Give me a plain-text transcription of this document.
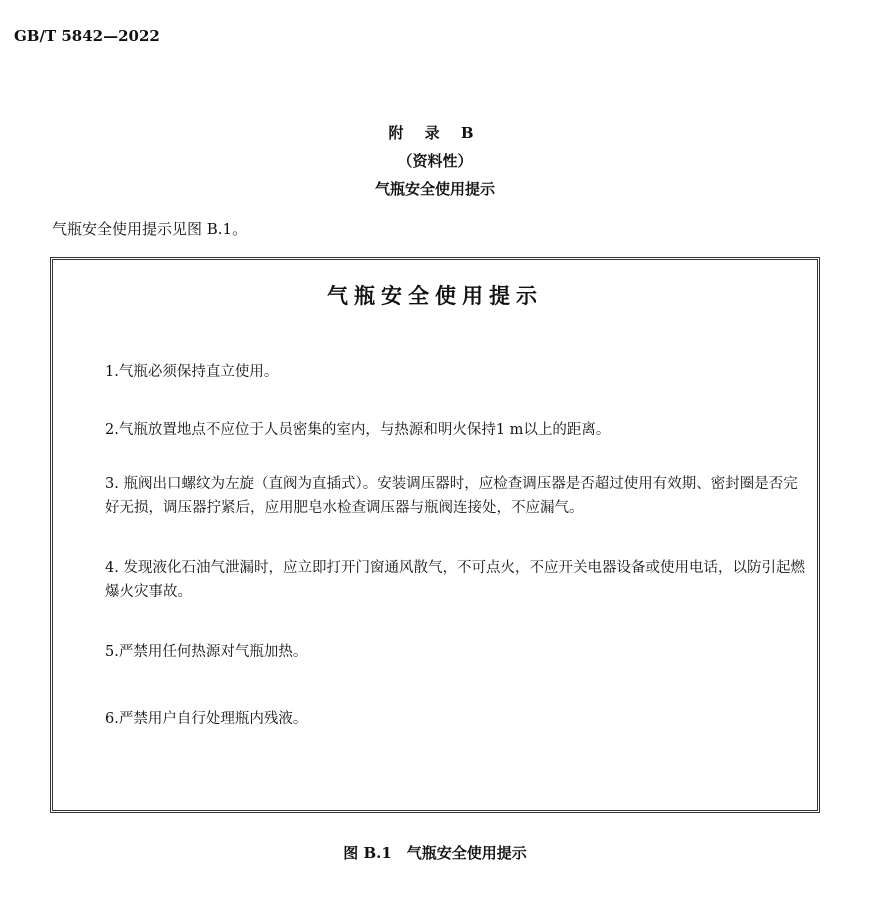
GB/T 5842—2022
附 录 B
（资料性）
气瓶安全使用提示
气瓶安全使用提示见图 B.1。
气瓶安全使用提示
1.气瓶必须保持直立使用。
2.气瓶放置地点不应位于人员密集的室内，与热源和明火保持1 m以上的距离。
3. 瓶阀出口螺纹为左旋（直阀为直插式）。安装调压器时，应检查调压器是否超过使用有效期、密封圈是否完好无损，调压器拧紧后，应用肥皂水检查调压器与瓶阀连接处，不应漏气。
4. 发现液化石油气泄漏时，应立即打开门窗通风散气，不可点火，不应开关电器设备或使用电话，以防引起燃爆火灾事故。
5.严禁用任何热源对气瓶加热。
6.严禁用户自行处理瓶内残液。
图 B.1　气瓶安全使用提示
